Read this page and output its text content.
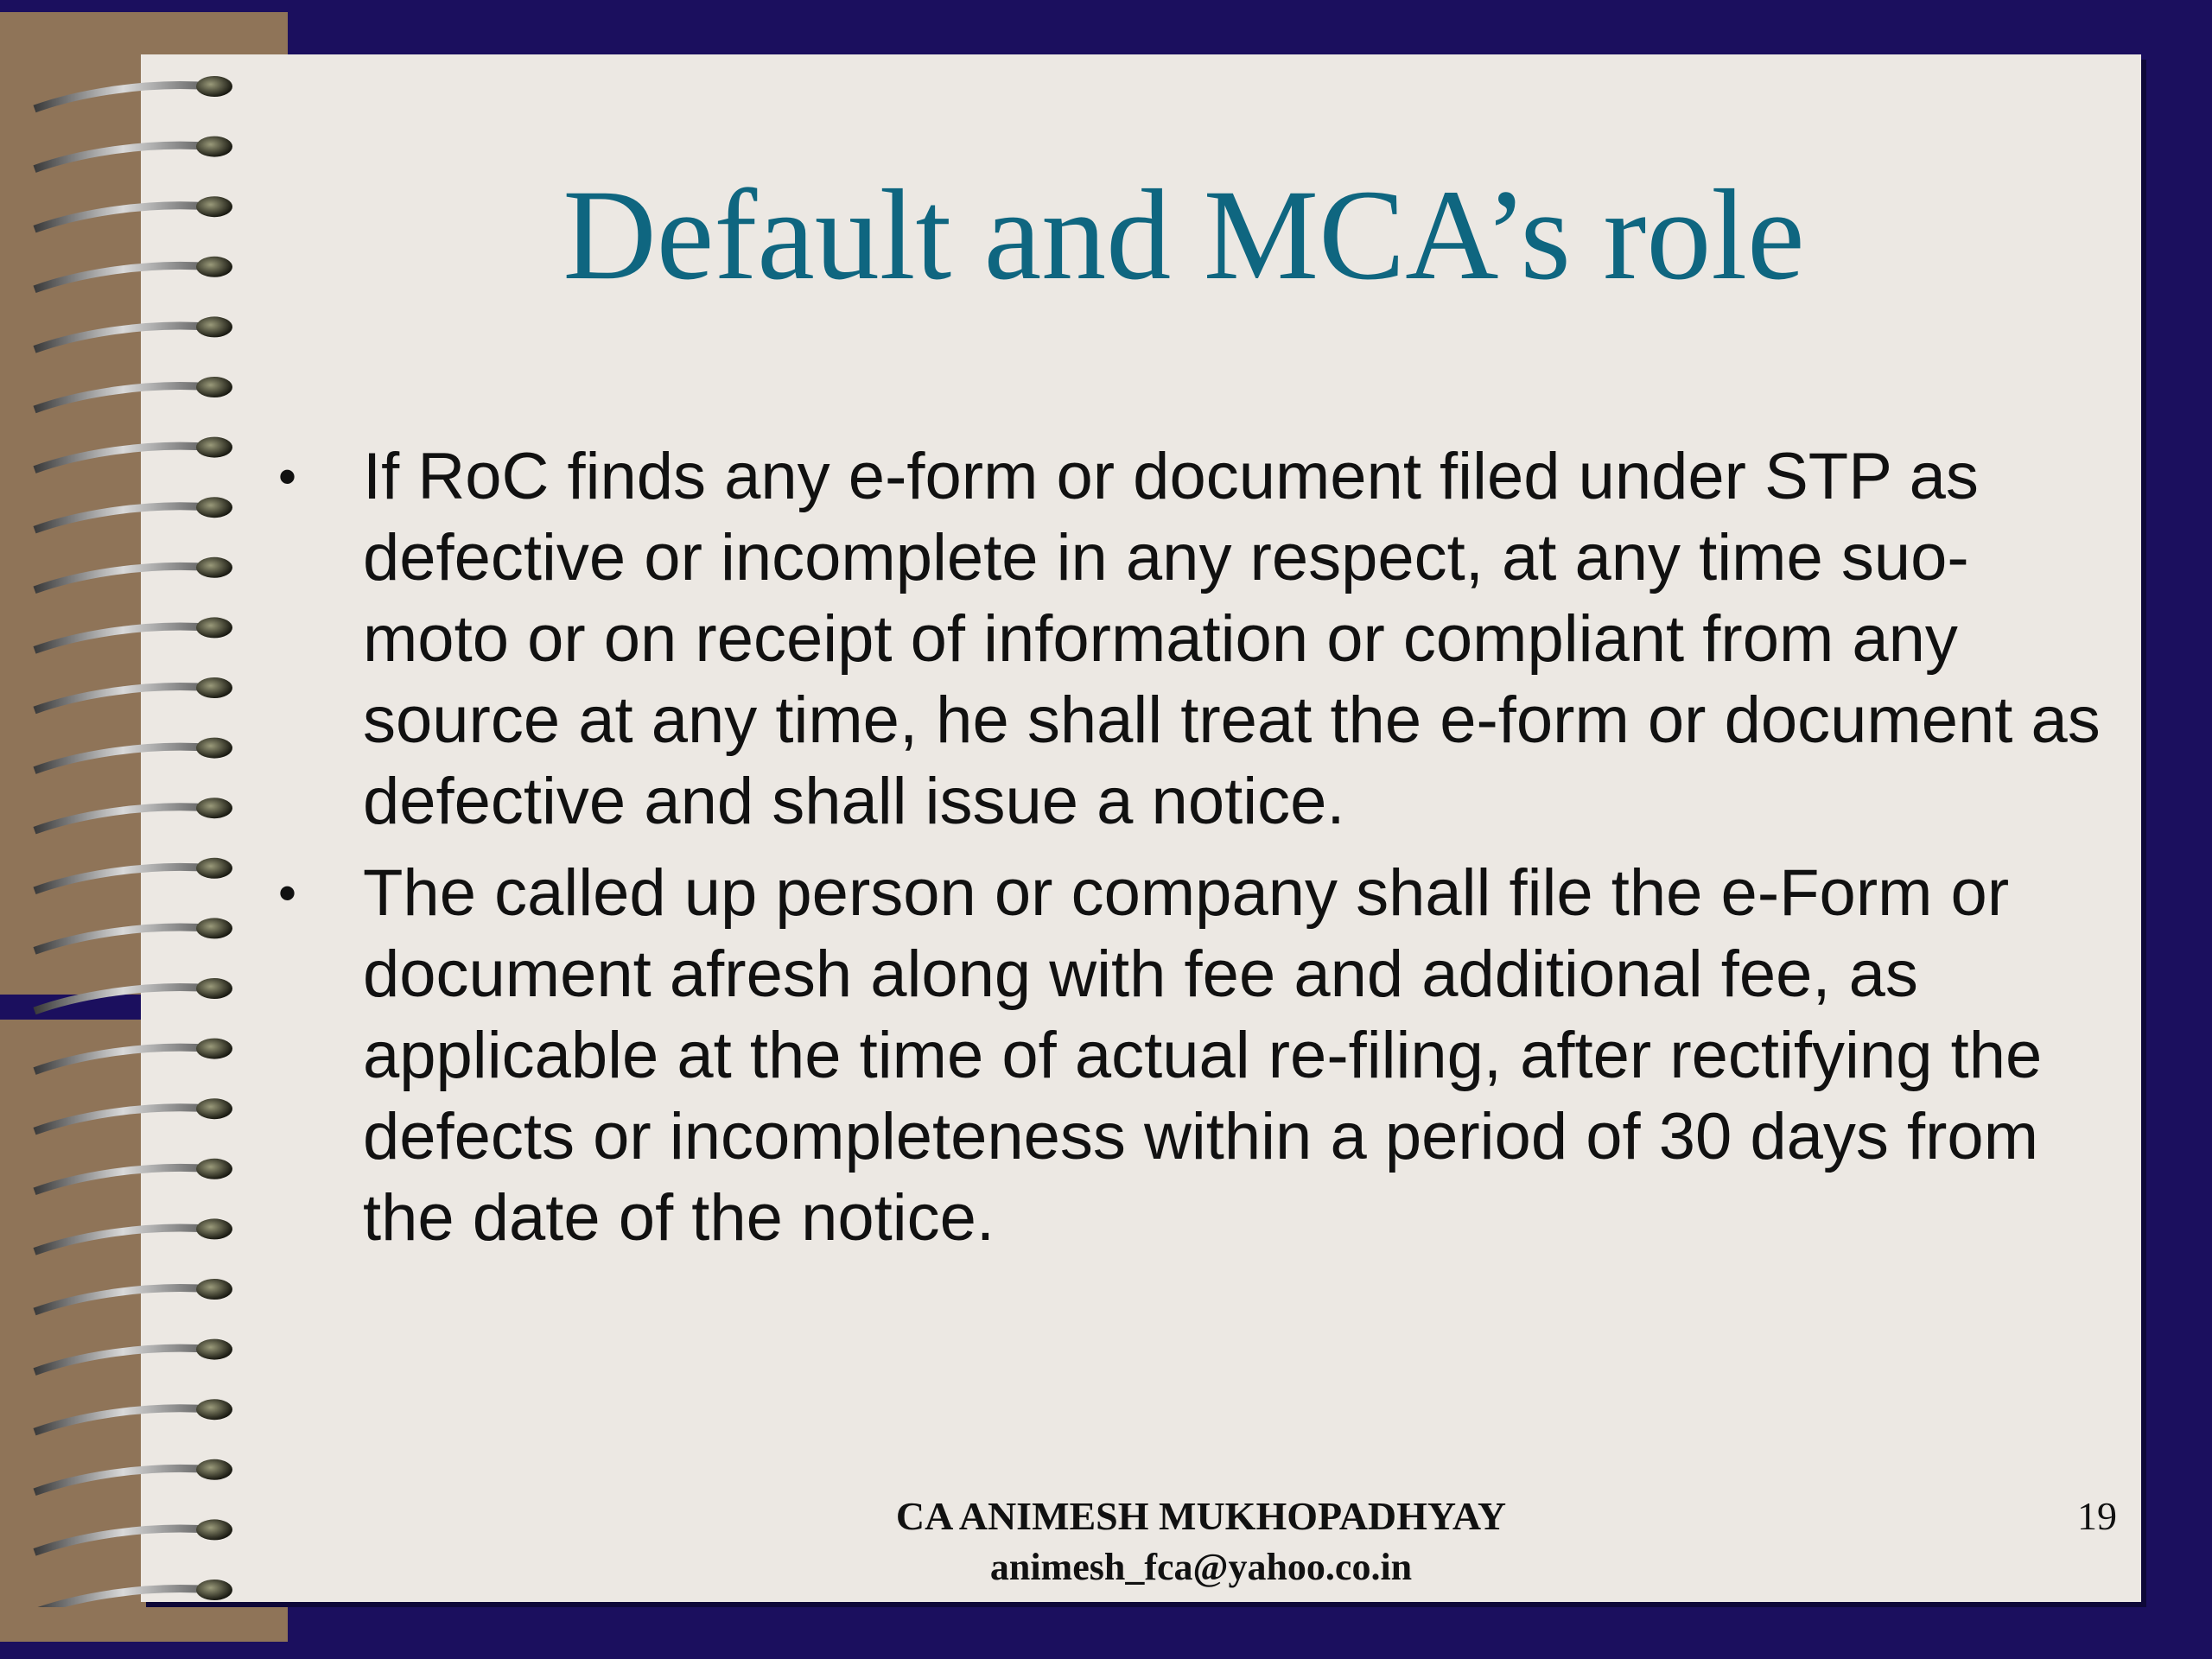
Default and MCA’s role
• If RoC finds any e-form or document filed under STP as defective or incomplete in any respect, at any time suo-moto or on receipt of information or compliant from any source at any time, he shall treat the e-form or document as defective and shall issue a notice.
• The called up person or company shall file the e-Form or document afresh along with fee and additional fee, as applicable at the time of actual re-filing, after rectifying the defects or incompleteness within a period of 30 days from the date of the notice.
CA ANIMESH MUKHOPADHYAY
animesh_fca@yahoo.co.in
19
